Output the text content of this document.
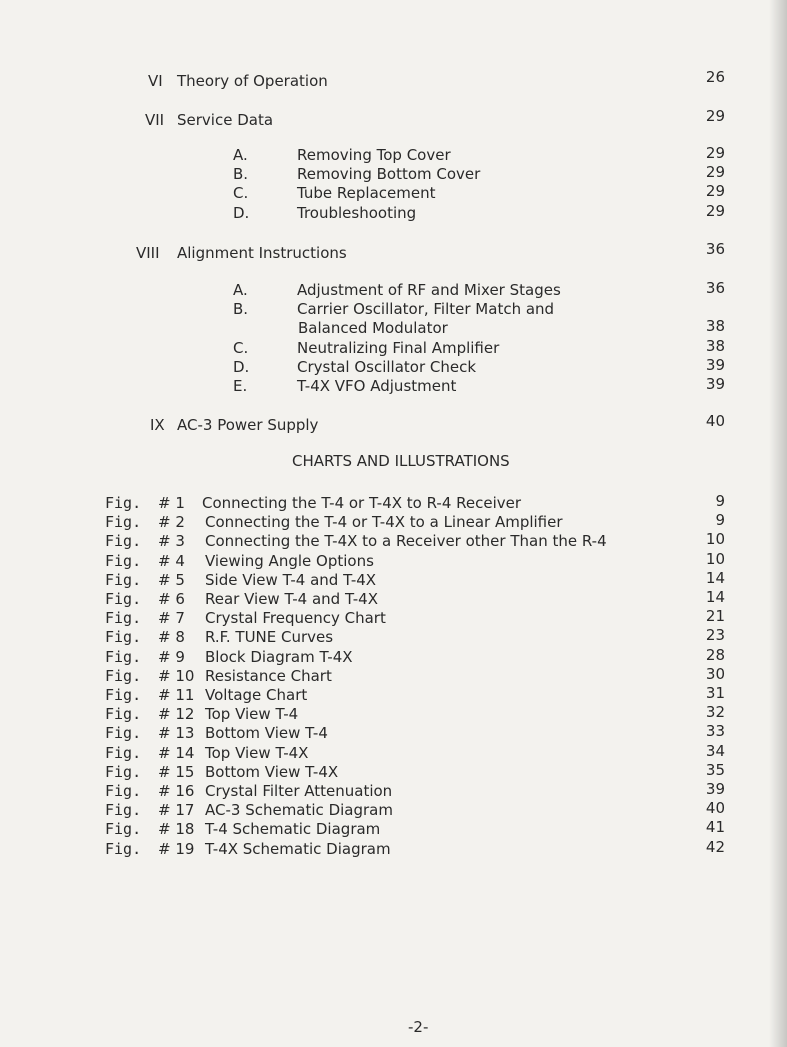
VI Theory of Operation	26
VII Service Data	29
A.	Removing Top Cover	29
B.	Removing Bottom Cover	29
C.	Tube Replacement	29
D.	Troubleshooting	29
VIII Alignment Instructions	36
A.	Adjustment of RF and Mixer Stages	36
B.	Carrier Oscillator, Filter Match and
Balanced Modulator	38
C.	Neutralizing Final Amplifier	38
D.	Crystal Oscillator Check	39
E.	T-4X VFO Adjustment	39
IX AC-3 Power Supply	40
CHARTS AND ILLUSTRATIONS
Fig. # 1 Connecting the T-4 or T-4X to R-4 Receiver	9
Fig. # 2 Connecting the T-4 or T-4X to a Linear Amplifier	9
Fig. # 3 Connecting the T-4X to a Receiver other Than the R-4	10
Fig. # 4 Viewing Angle Options	10
Fig. # 5 Side View T-4 and T-4X	14
Fig. # 6 Rear View T-4 and T-4X	14
Fig. # 7 Crystal Frequency Chart	21
Fig. # 8 R.F. TUNE Curves	23
Fig. # 9 Block Diagram T-4X	28
Fig. # 10 Resistance Chart	30
Fig. # 11 Voltage Chart	31
Fig. # 12 Top View T-4	32
Fig. # 13 Bottom View T-4	33
Fig. # 14 Top View T-4X	34
Fig. # 15 Bottom View T-4X	35
Fig. # 16 Crystal Filter Attenuation	39
Fig. # 17 AC-3 Schematic Diagram	40
Fig. # 18 T-4 Schematic Diagram	41
Fig. # 19 T-4X Schematic Diagram	42
-2-
